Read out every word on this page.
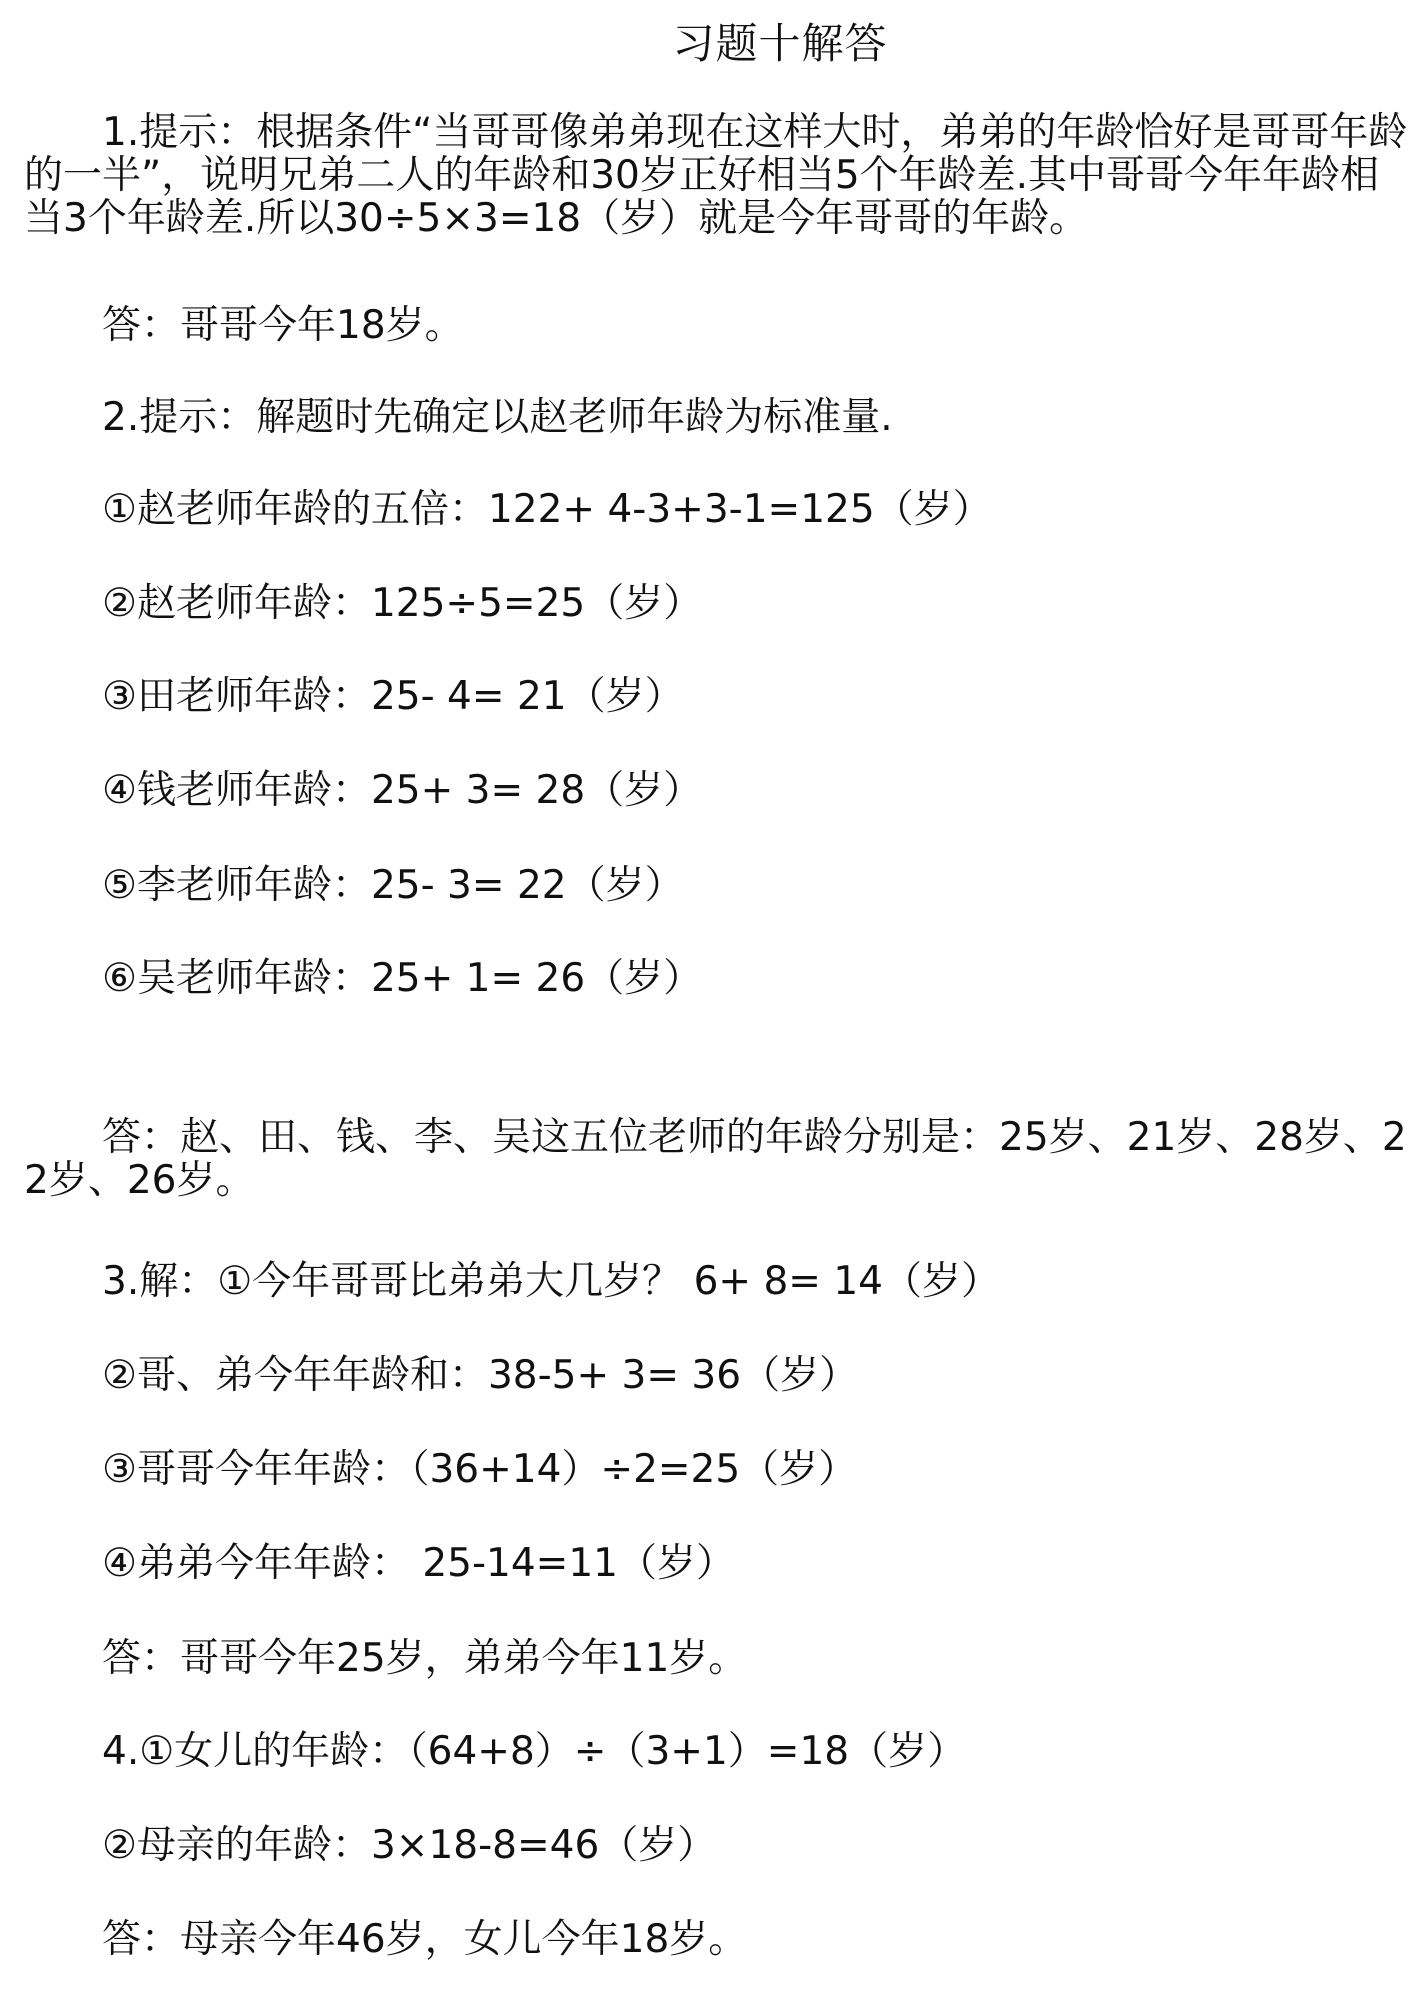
习题十解答

1.提示：根据条件“当哥哥像弟弟现在这样大时，弟弟的年龄恰好是哥哥年龄的一半”，说明兄弟二人的年龄和30岁正好相当5个年龄差.其中哥哥今年年龄相当3个年龄差.所以30÷5×3=18（岁）就是今年哥哥的年龄。

答：哥哥今年18岁。

2.提示：解题时先确定以赵老师年龄为标准量.

①赵老师年龄的五倍：122+ 4-3+3-1=125（岁）

②赵老师年龄：125÷5=25（岁）

③田老师年龄：25- 4= 21（岁）

④钱老师年龄：25+ 3= 28（岁）

⑤李老师年龄：25- 3= 22（岁）

⑥吴老师年龄：25+ 1= 26（岁）

答：赵、田、钱、李、吴这五位老师的年龄分别是：25岁、21岁、28岁、22岁、26岁。

3.解：①今年哥哥比弟弟大几岁？ 6+ 8= 14（岁）

②哥、弟今年年龄和：38-5+ 3= 36（岁）

③哥哥今年年龄：（36+14）÷2=25（岁）

④弟弟今年年龄： 25-14=11（岁）

答：哥哥今年25岁，弟弟今年11岁。

4.①女儿的年龄：（64+8）÷（3+1）=18（岁）

②母亲的年龄：3×18-8=46（岁）

答：母亲今年46岁，女儿今年18岁。
